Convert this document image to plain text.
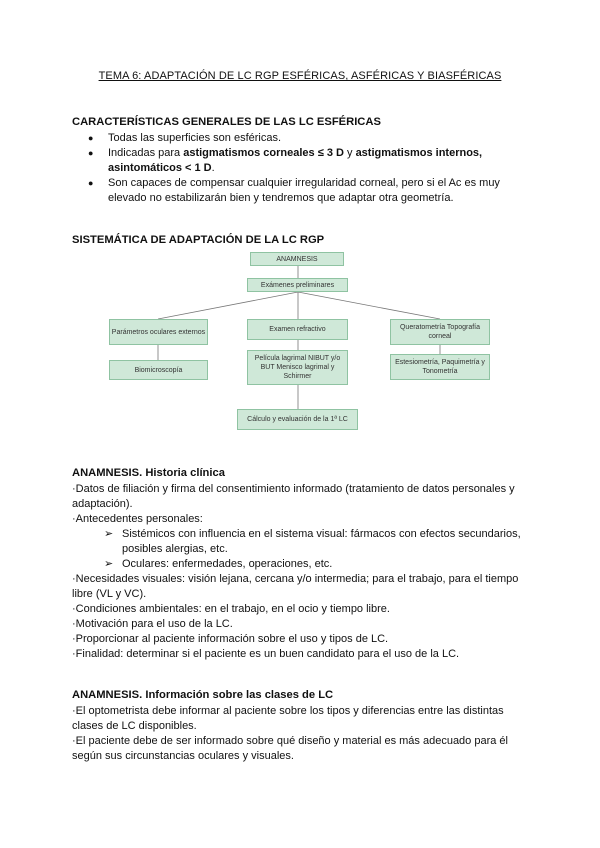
TEMA 6: ADAPTACIÓN DE LC RGP ESFÉRICAS, ASFÉRICAS Y BIASFÉRICAS
CARACTERÍSTICAS GENERALES DE LAS LC ESFÉRICAS
● Todas las superficies son esféricas.
● Indicadas para astigmatismos corneales ≤ 3 D y astigmatismos internos, asintomáticos < 1 D.
● Son capaces de compensar cualquier irregularidad corneal, pero si el Ac es muy elevado no estabilizarán bien y tendremos que adaptar otra geometría.
SISTEMÁTICA DE ADAPTACIÓN DE LA LC RGP
ANAMNESIS
Exámenes preliminares
Parámetros oculares externos	Examen refractivo	Queratometría Topografía corneal
Biomicroscopía
Película lagrimal NIBUT y/o BUT Menisco lagrimal y Schirmer
Estesiometría, Paquimetría y Tonometría
Cálculo y evaluación de la 1ª LC
ANAMNESIS. Historia clínica
·Datos de filiación y firma del consentimiento informado (tratamiento de datos personales y adaptación).
·Antecedentes personales:
➢ Sistémicos con influencia en el sistema visual: fármacos con efectos secundarios, posibles alergias, etc.
➢ Oculares: enfermedades, operaciones, etc.
·Necesidades visuales: visión lejana, cercana y/o intermedia; para el trabajo, para el tiempo libre (VL y VC).
·Condiciones ambientales: en el trabajo, en el ocio y tiempo libre.
·Motivación para el uso de la LC.
·Proporcionar al paciente información sobre el uso y tipos de LC.
·Finalidad: determinar si el paciente es un buen candidato para el uso de la LC.
ANAMNESIS. Información sobre las clases de LC
·El optometrista debe informar al paciente sobre los tipos y diferencias entre las distintas clases de LC disponibles.
·El paciente debe de ser informado sobre qué diseño y material es más adecuado para él según sus circunstancias oculares y visuales.
